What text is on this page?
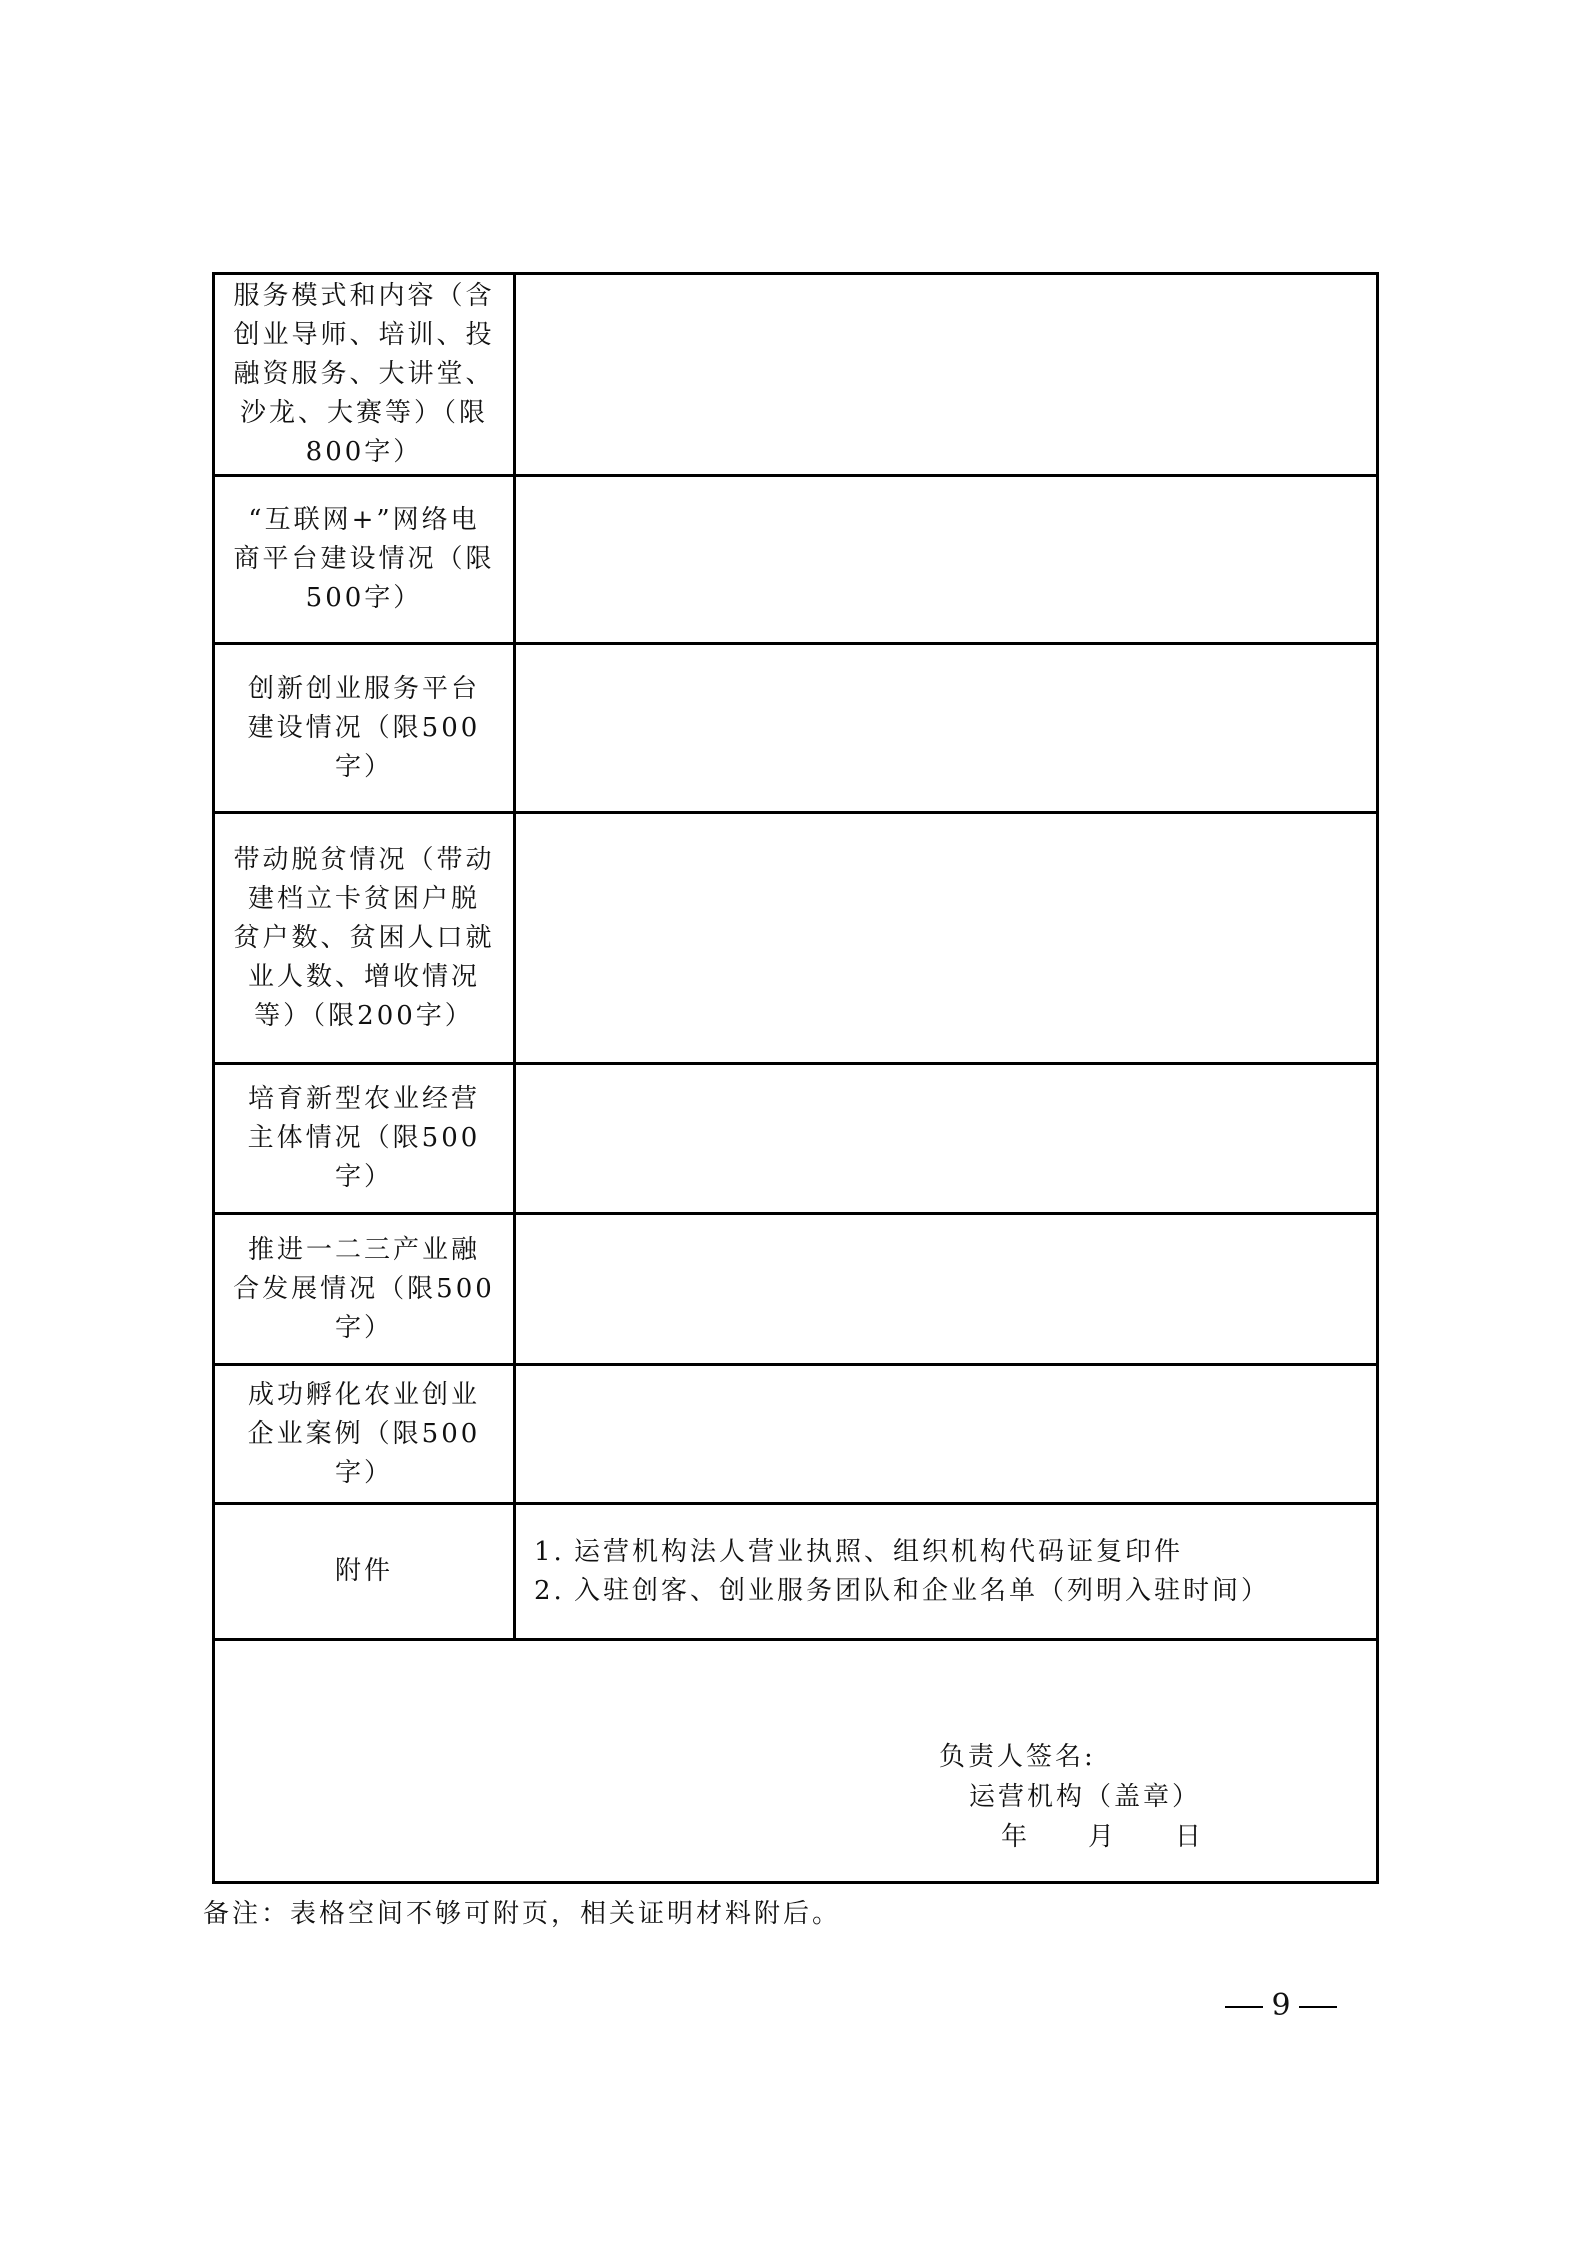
服务模式和内容（含
创业导师、培训、投
融资服务、大讲堂、
沙龙、大赛等）（限
800字）	

“互联网+”网络电
商平台建设情况（限
500字）	

创新创业服务平台
建设情况（限500
字）	

带动脱贫情况（带动
建档立卡贫困户脱
贫户数、贫困人口就
业人数、增收情况
等）（限200字）	

培育新型农业经营
主体情况（限500
字）	

推进一二三产业融
合发展情况（限500
字）	

成功孵化农业创业
企业案例（限500
字）	

附件	1. 运营机构法人营业执照、组织机构代码证复印件
2. 入驻创客、创业服务团队和企业名单（列明入驻时间）

负责人签名:
运营机构（盖章）
年 月 日	
备注：表格空间不够可附页，相关证明材料附后。
9
